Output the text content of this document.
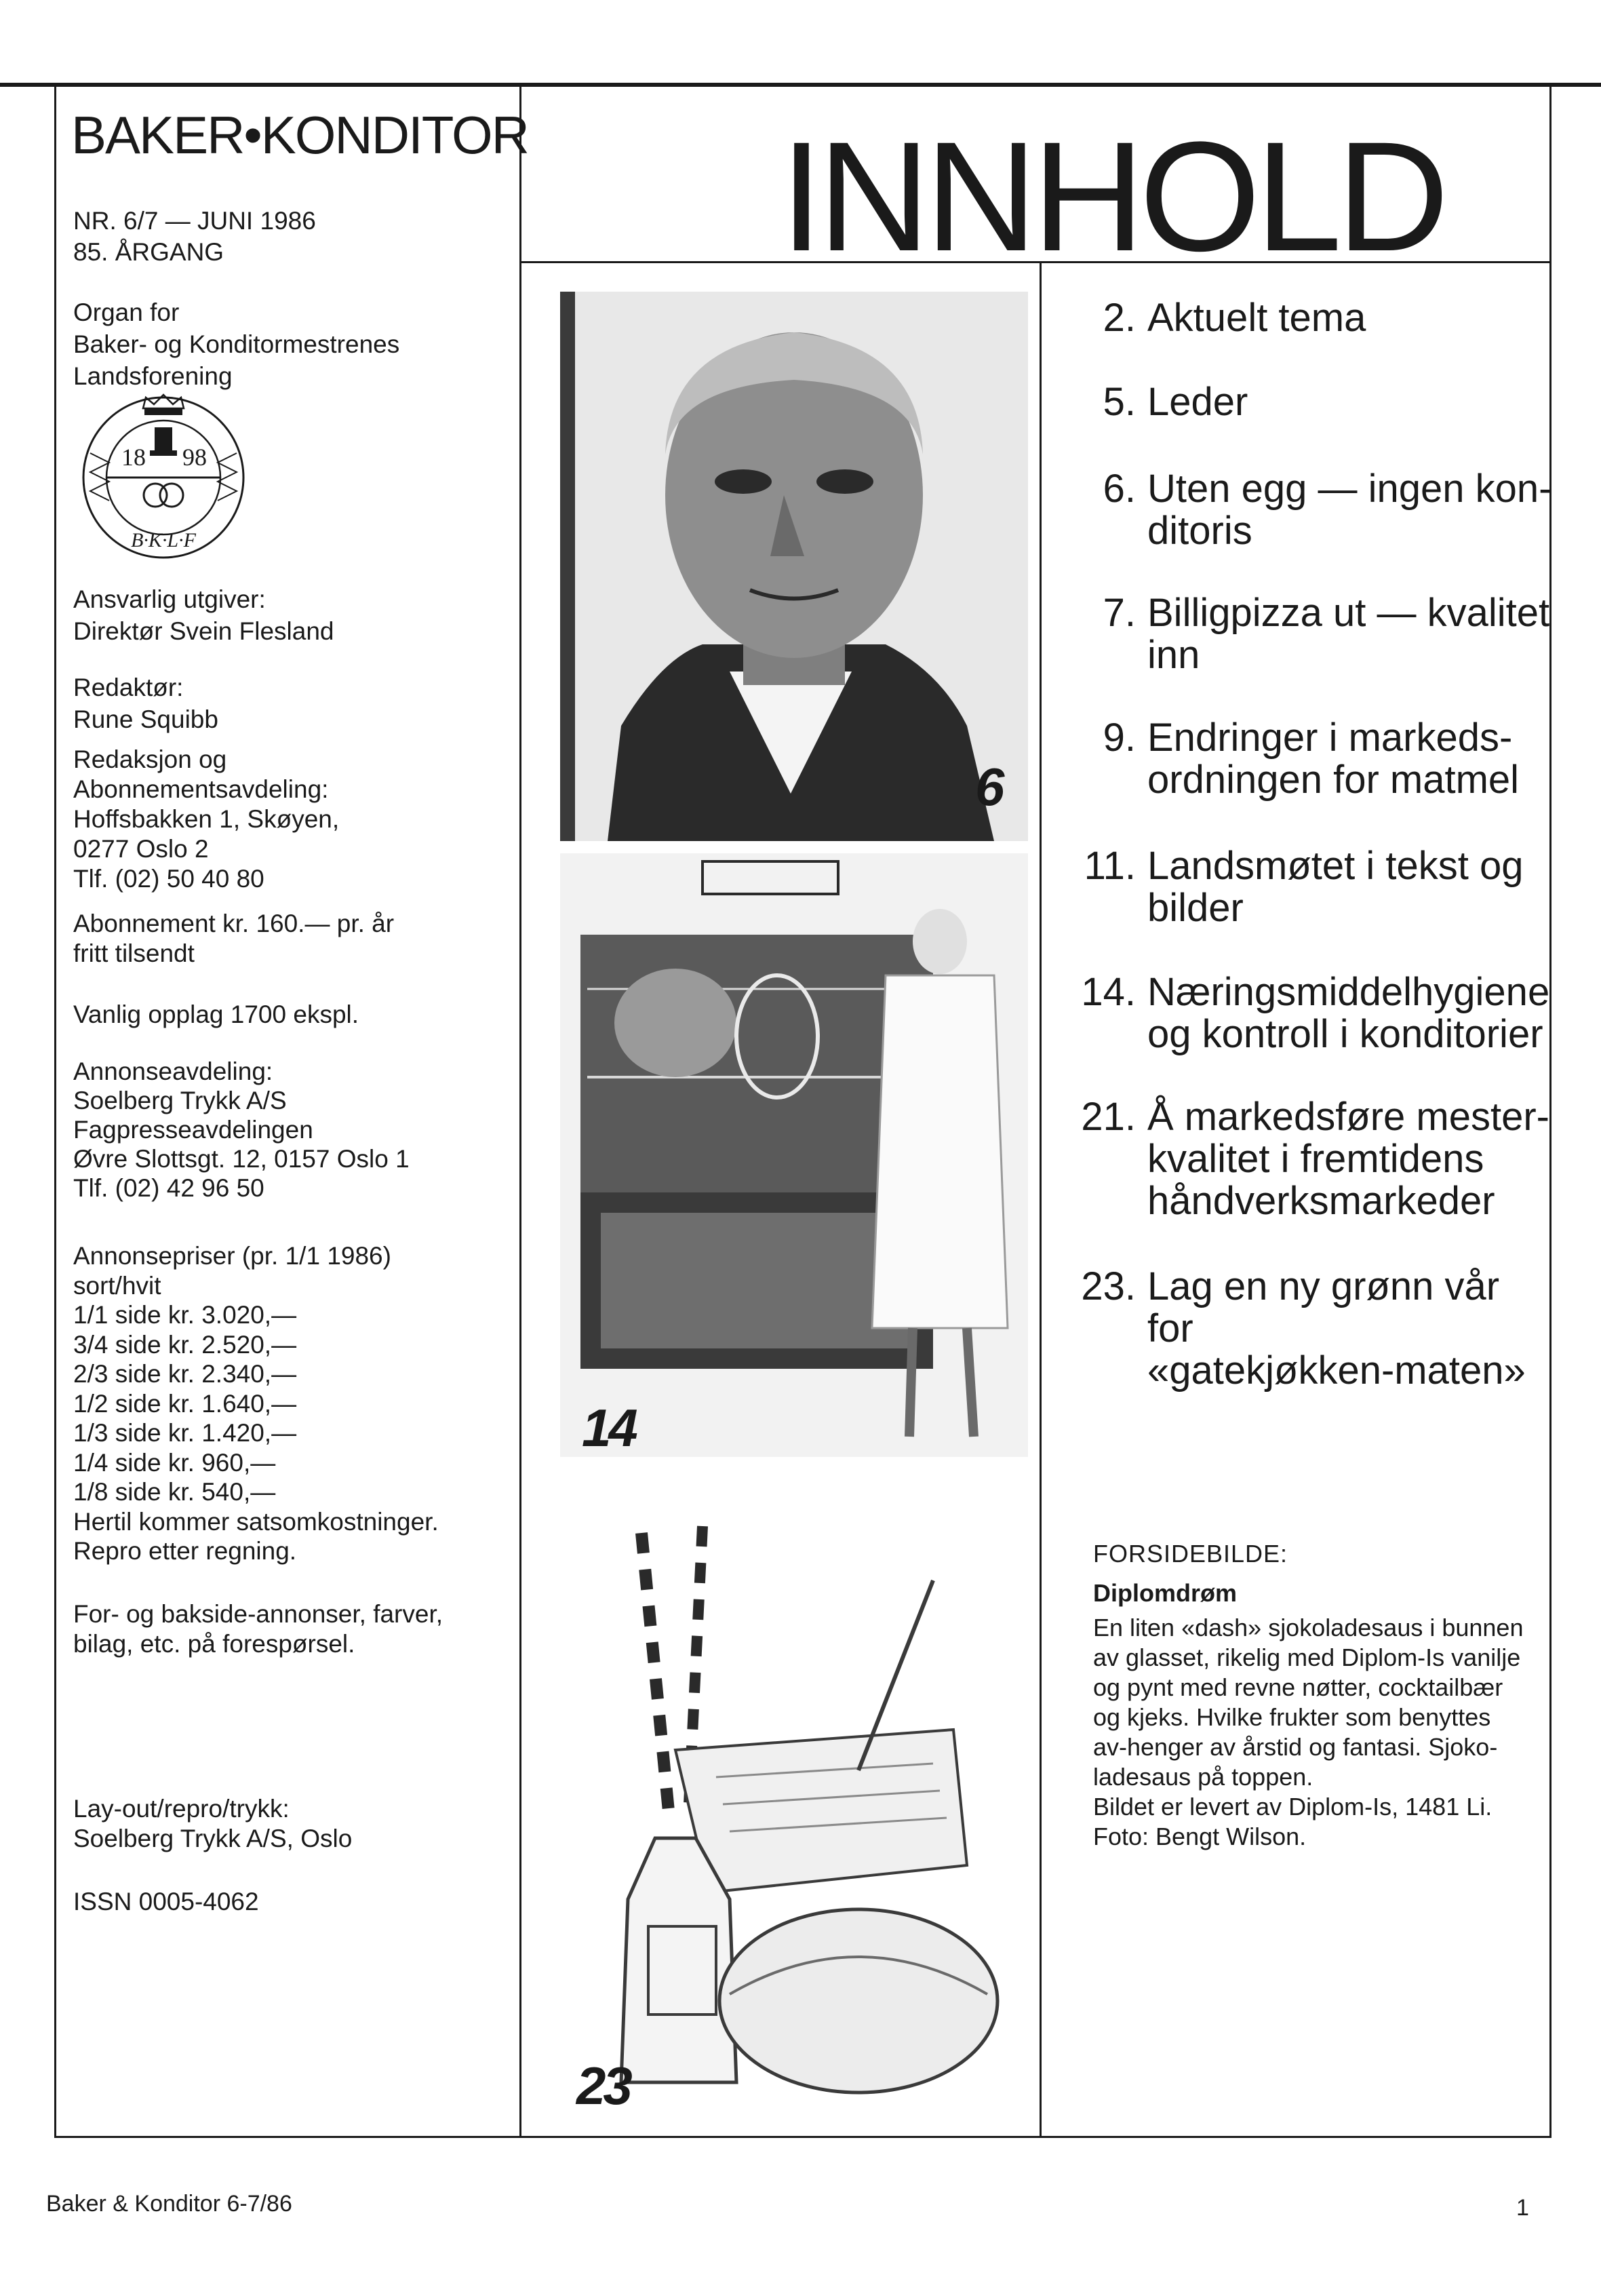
BAKER•KONDITOR
NR. 6/7 — JUNI 1986
85. ÅRGANG
Organ for
Baker- og Konditormestrenes
Landsforening
18 98
B·K·L·F
Ansvarlig utgiver:
Direktør Svein Flesland
Redaktør:
Rune Squibb
Redaksjon og
Abonnementsavdeling:
Hoffsbakken 1, Skøyen,
0277 Oslo 2
Tlf. (02) 50 40 80
Abonnement kr. 160.— pr. år
fritt tilsendt
Vanlig opplag 1700 ekspl.
Annonseavdeling:
Soelberg Trykk A/S
Fagpresseavdelingen
Øvre Slottsgt. 12, 0157 Oslo 1
Tlf. (02) 42 96 50
Annonsepriser (pr. 1/1 1986)
sort/hvit
1/1 side kr. 3.020,—
3/4 side kr. 2.520,—
2/3 side kr. 2.340,—
1/2 side kr. 1.640,—
1/3 side kr. 1.420,—
1/4 side kr. 960,—
1/8 side kr. 540,—
Hertil kommer satsomkostninger.
Repro etter regning.
For- og bakside-annonser, farver,
bilag, etc. på forespørsel.
Lay-out/repro/trykk:
Soelberg Trykk A/S, Oslo
ISSN 0005-4062
INNHOLD
6
14
23
2. Aktuelt tema
5. Leder
6. Uten egg — ingen kon-
ditoris
7. Billigpizza ut — kvalitet
inn
9. Endringer i markeds-
ordningen for matmel
11. Landsmøtet i tekst og
bilder
14. Næringsmiddelhygiene
og kontroll i konditorier
21. Å markedsføre mester-
kvalitet i fremtidens
håndverksmarkeder
23. Lag en ny grønn vår for
«gatekjøkken-maten»
FORSIDEBILDE:
Diplomdrøm
En liten «dash» sjokoladesaus i bunnen av glasset, rikelig med Diplom-Is vanilje og pynt med revne nøtter, cocktailbær og kjeks. Hvilke frukter som benyttes av-henger av årstid og fantasi. Sjoko-ladesaus på toppen.
Bildet er levert av Diplom-Is, 1481 Li.
Foto: Bengt Wilson.
Baker & Konditor 6-7/86	1
